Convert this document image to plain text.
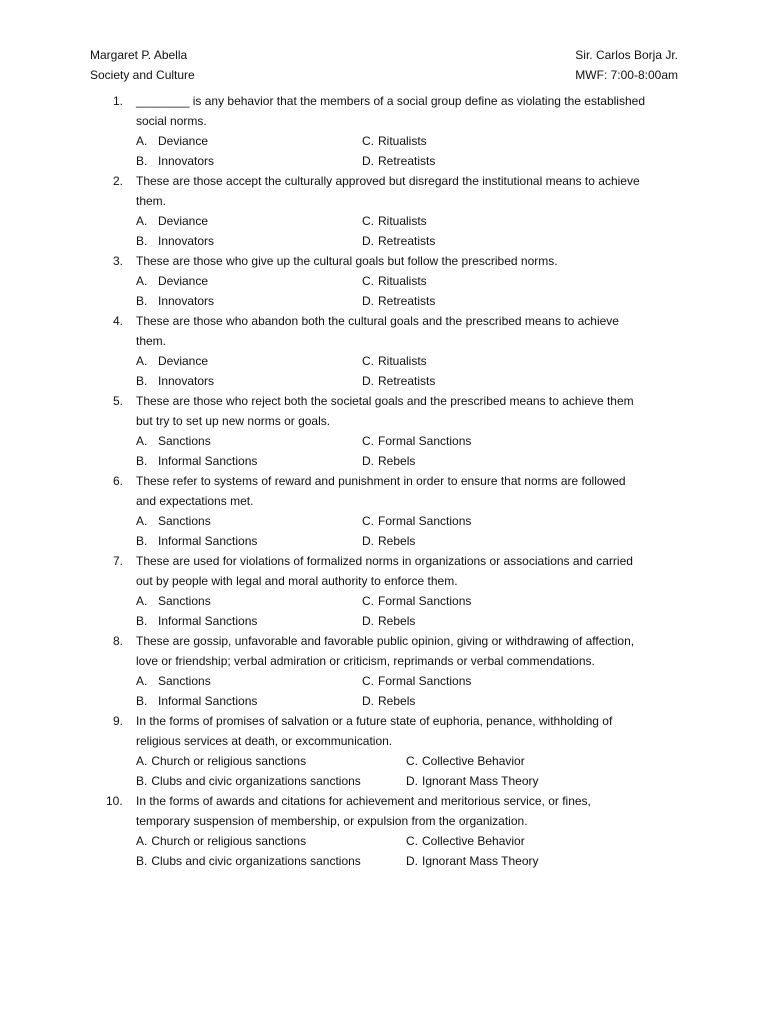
Margaret P. Abella
Society and Culture
Sir. Carlos Borja Jr.
MWF: 7:00-8:00am
1. ________ is any behavior that the members of a social group define as violating the established
social norms.
A. Deviance	C. Ritualists
B. Innovators	D. Retreatists
2. These are those accept the culturally approved but disregard the institutional means to achieve
them.
A. Deviance	C. Ritualists
B. Innovators	D. Retreatists
3. These are those who give up the cultural goals but follow the prescribed norms.
A. Deviance	C. Ritualists
B. Innovators	D. Retreatists
4. These are those who abandon both the cultural goals and the prescribed means to achieve
them.
A. Deviance	C. Ritualists
B. Innovators	D. Retreatists
5. These are those who reject both the societal goals and the prescribed means to achieve them
but try to set up new norms or goals.
A. Sanctions	C. Formal Sanctions
B. Informal Sanctions	D. Rebels
6. These refer to systems of reward and punishment in order to ensure that norms are followed
and expectations met.
A. Sanctions	C. Formal Sanctions
B. Informal Sanctions	D. Rebels
7. These are used for violations of formalized norms in organizations or associations and carried
out by people with legal and moral authority to enforce them.
A. Sanctions	C. Formal Sanctions
B. Informal Sanctions	D. Rebels
8. These are gossip, unfavorable and favorable public opinion, giving or withdrawing of affection,
love or friendship; verbal admiration or criticism, reprimands or verbal commendations.
A. Sanctions	C. Formal Sanctions
B. Informal Sanctions	D. Rebels
9. In the forms of promises of salvation or a future state of euphoria, penance, withholding of
religious services at death, or excommunication.
A. Church or religious sanctions	C. Collective Behavior
B. Clubs and civic organizations sanctions	D. Ignorant Mass Theory
10. In the forms of awards and citations for achievement and meritorious service, or fines,
temporary suspension of membership, or expulsion from the organization.
A. Church or religious sanctions	C. Collective Behavior
B. Clubs and civic organizations sanctions	D. Ignorant Mass Theory
